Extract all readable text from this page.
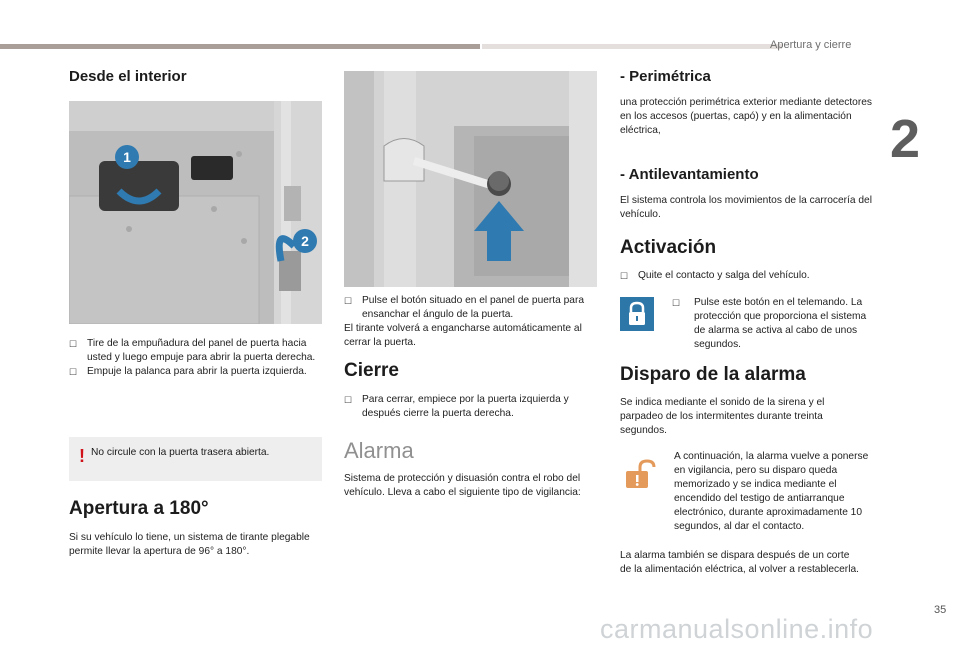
Apertura y cierre
2
Desde el interior
1
2
☐ Tire de la empuñadura del panel de puerta hacia usted y luego empuje para abrir la puerta derecha.
☐ Empuje la palanca para abrir la puerta izquierda.
! No circule con la puerta trasera abierta.
Apertura a 180°
Si su vehículo lo tiene, un sistema de tirante plegable permite llevar la apertura de 96° a 180°.
☐ Pulse el botón situado en el panel de puerta para ensanchar el ángulo de la puerta.
El tirante volverá a engancharse automáticamente al cerrar la puerta.
Cierre
☐ Para cerrar, empiece por la puerta izquierda y después cierre la puerta derecha.
Alarma
Sistema de protección y disuasión contra el robo del vehículo. Lleva a cabo el siguiente tipo de vigilancia:
- Perimétrica
una protección perimétrica exterior mediante detectores en los accesos (puertas, capó) y en la alimentación eléctrica,
- Antilevantamiento
El sistema controla los movimientos de la carrocería del vehículo.
Activación
☐ Quite el contacto y salga del vehículo.
☐ Pulse este botón en el telemando. La protección que proporciona el sistema de alarma se activa al cabo de unos segundos.
Disparo de la alarma
Se indica mediante el sonido de la sirena y el parpadeo de los intermitentes durante treinta segundos.
A continuación, la alarma vuelve a ponerse en vigilancia, pero su disparo queda memorizado y se indica mediante el encendido del testigo de antiarranque electrónico, durante aproximadamente 10 segundos, al dar el contacto.
La alarma también se dispara después de un corte de la alimentación eléctrica, al volver a restablecerla.
35
carmanualsonline.info
